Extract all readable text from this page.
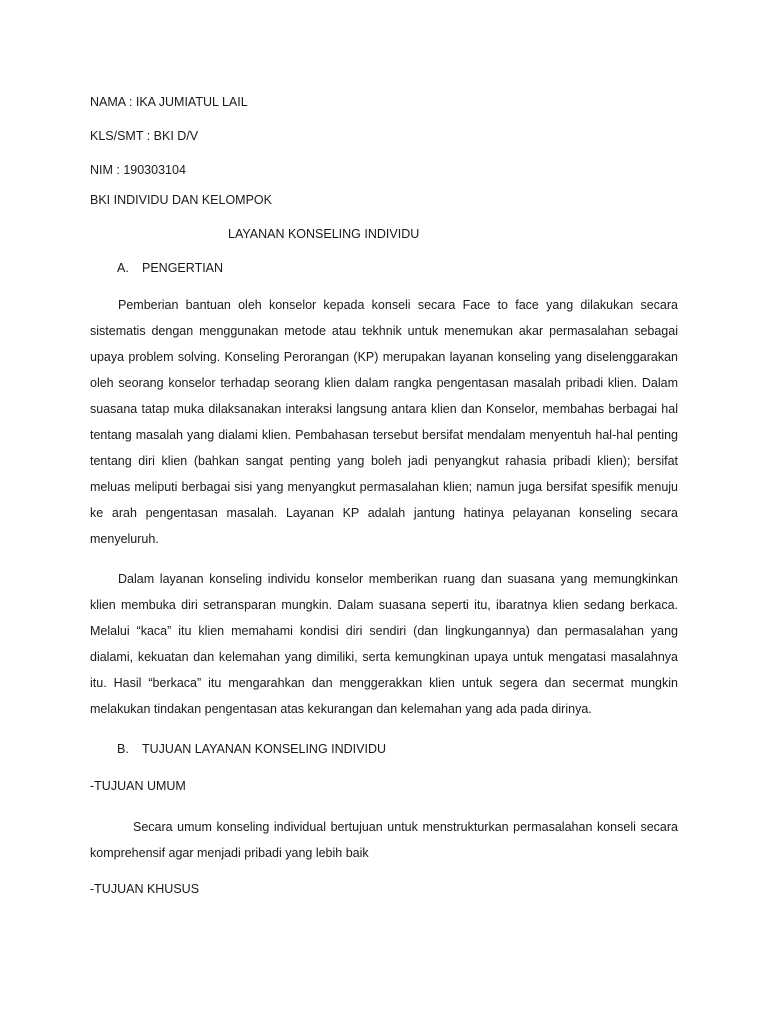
NAMA : IKA JUMIATUL LAIL
KLS/SMT : BKI D/V
NIM : 190303104
BKI INDIVIDU DAN KELOMPOK
LAYANAN KONSELING INDIVIDU
A. PENGERTIAN
Pemberian bantuan oleh konselor kepada konseli secara Face to face yang dilakukan secara sistematis dengan menggunakan metode atau tekhnik untuk menemukan akar permasalahan sebagai upaya problem solving. Konseling Perorangan (KP) merupakan layanan konseling yang diselenggarakan oleh seorang konselor terhadap seorang klien dalam rangka pengentasan masalah pribadi klien. Dalam suasana tatap muka dilaksanakan interaksi langsung antara klien dan Konselor, membahas berbagai hal tentang masalah yang dialami klien. Pembahasan tersebut bersifat mendalam menyentuh hal-hal penting tentang diri klien (bahkan sangat penting yang boleh jadi penyangkut rahasia pribadi klien); bersifat meluas meliputi berbagai sisi yang menyangkut permasalahan klien; namun juga bersifat spesifik menuju ke arah pengentasan masalah. Layanan KP adalah jantung hatinya pelayanan konseling secara menyeluruh.
Dalam layanan konseling individu konselor memberikan ruang dan suasana yang memungkinkan klien membuka diri setransparan mungkin. Dalam suasana seperti itu, ibaratnya klien sedang berkaca. Melalui “kaca” itu klien memahami kondisi diri sendiri (dan lingkungannya) dan permasalahan yang dialami, kekuatan dan kelemahan yang dimiliki, serta kemungkinan upaya untuk mengatasi masalahnya itu. Hasil “berkaca” itu mengarahkan dan menggerakkan klien untuk segera dan secermat mungkin melakukan tindakan pengentasan atas kekurangan dan kelemahan yang ada pada dirinya.
B. TUJUAN LAYANAN KONSELING INDIVIDU
-TUJUAN UMUM
Secara umum konseling individual bertujuan untuk menstrukturkan permasalahan konseli secara komprehensif agar menjadi pribadi yang lebih baik
-TUJUAN KHUSUS
